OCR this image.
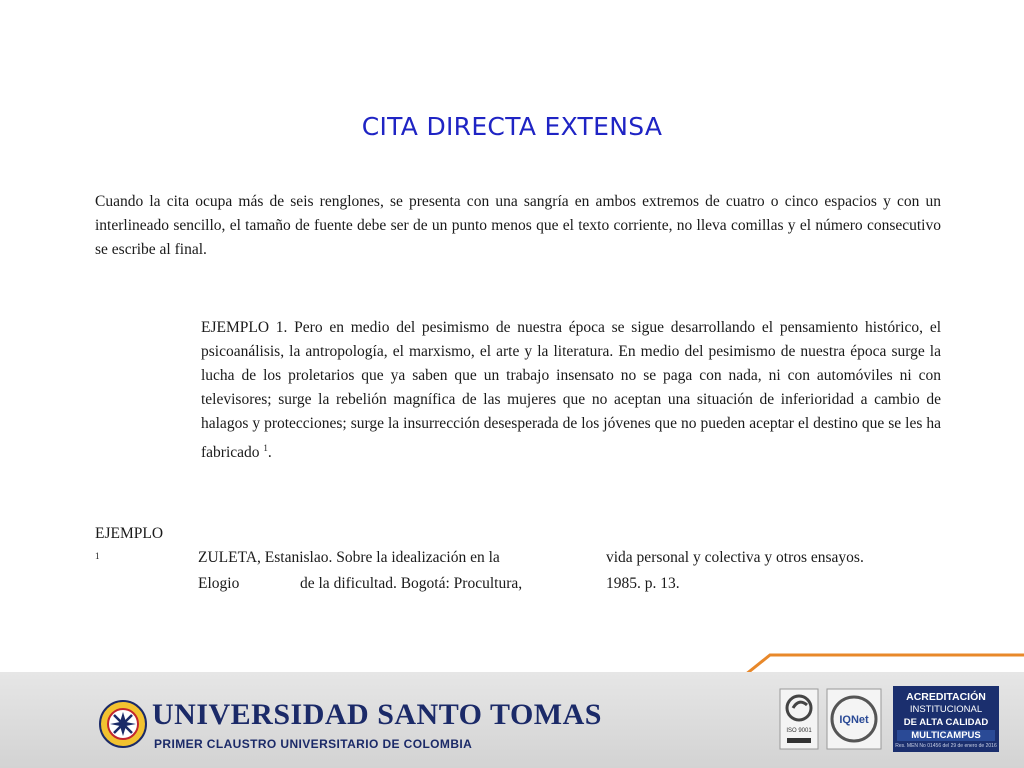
CITA DIRECTA EXTENSA
Cuando la cita ocupa más de seis renglones, se presenta con una sangría en ambos extremos de cuatro o cinco espacios y con un interlineado sencillo, el tamaño de fuente debe ser de un punto menos que el texto corriente, no lleva comillas y el número consecutivo se escribe al final.
EJEMPLO 1. Pero en medio del pesimismo de nuestra época se sigue desarrollando el pensamiento histórico, el psicoanálisis, la antropología, el marxismo, el arte y la literatura. En medio del pesimismo de nuestra época surge la lucha de los proletarios que ya saben que un trabajo insensato no se paga con nada, ni con automóviles ni con televisores; surge la rebelión magnífica de las mujeres que no aceptan una situación de inferioridad a cambio de halagos y protecciones; surge la insurrección desesperada de los jóvenes que no pueden aceptar el destino que se les ha fabricado $^1$.
EJEMPLO
1	ZULETA, Estanislao. Sobre la idealización en la
Elogio	de la dificultad. Bogotá: Procultura,
vida personal y colectiva y otros ensayos.
1985. p. 13.
UNIVERSIDAD SANTO TOMAS
PRIMER CLAUSTRO UNIVERSITARIO DE COLOMBIA
ISO 9001
IQNet
ACREDITACIÓN
INSTITUCIONAL
DE ALTA CALIDAD
MULTICAMPUS
Res. MEN No 01456 del 29 de enero de 2016
